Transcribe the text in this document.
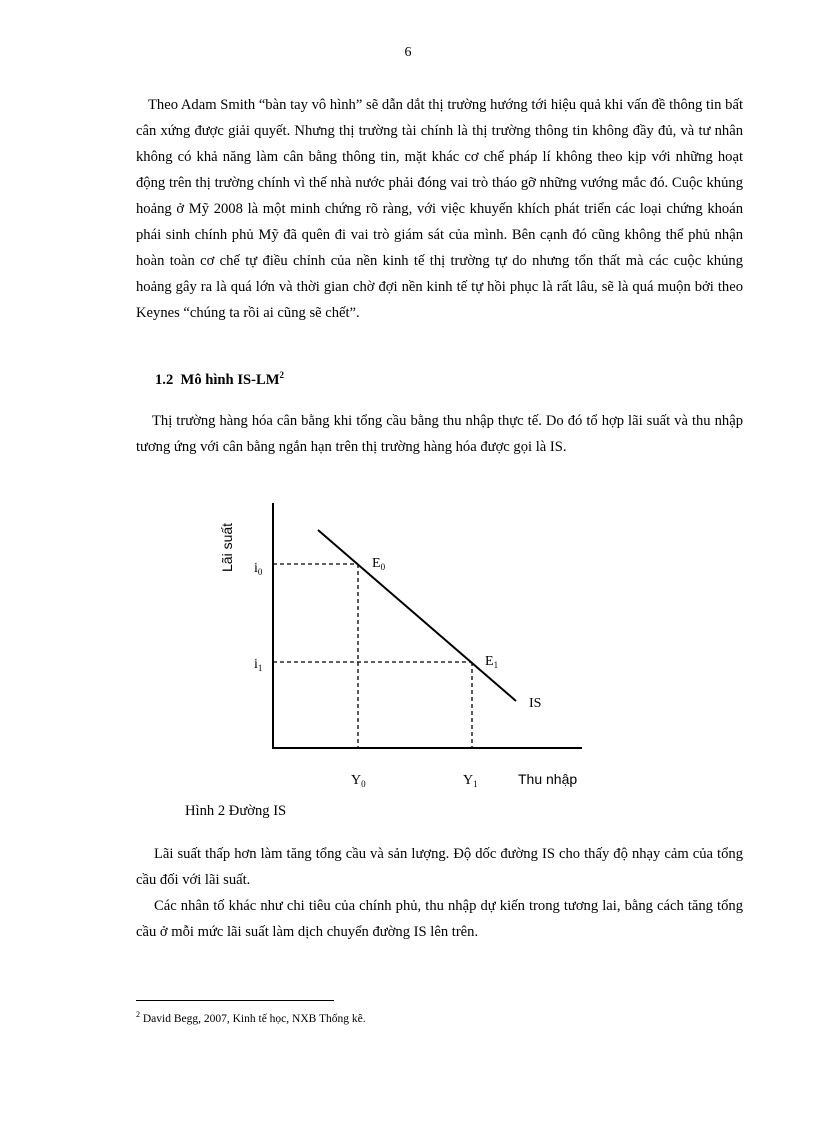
6

Theo Adam Smith “bàn tay vô hình” sẽ dẫn dắt thị trường hướng tới hiệu quả khi vấn đề thông tin bất cân xứng được giải quyết. Nhưng thị trường tài chính là thị trường thông tin không đầy đủ, và tư nhân không có khả năng làm cân bằng thông tin, mặt khác cơ chế pháp lí không theo kịp với những hoạt động trên thị trường chính vì thế nhà nước phải đóng vai trò tháo gỡ những vướng mắc đó. Cuộc khủng hoảng ở Mỹ 2008 là một minh chứng rõ ràng, với việc khuyến khích phát triển các loại chứng khoán phái sinh chính phủ Mỹ đã quên đi vai trò giám sát của mình. Bên cạnh đó cũng không thể phủ nhận hoàn toàn cơ chế tự điều chỉnh của nền kinh tế thị trường tự do nhưng tổn thất mà các cuộc khủng hoảng gây ra là quá lớn và thời gian chờ đợi nền kinh tế tự hồi phục là rất lâu, sẽ là quá muộn bởi theo Keynes “chúng ta rồi ai cũng sẽ chết”.

1.2 Mô hình $IS-LM^2$

Thị trường hàng hóa cân bằng khi tổng cầu bằng thu nhập thực tế. Do đó tổ hợp lãi suất và thu nhập tương ứng với cân bằng ngắn hạn trên thị trường hàng hóa được gọi là IS.

Lãi suất $i_0$
$i_1$
$E_0$
$E_1$
IS
$Y_0$	$Y_1$	Thu nhập

Hình 2 Đường IS

Lãi suất thấp hơn làm tăng tổng cầu và sản lượng. Độ dốc đường IS cho thấy độ nhạy cảm của tổng cầu đối với lãi suất.
Các nhân tố khác như chi tiêu của chính phủ, thu nhập dự kiến trong tương lai, bằng cách tăng tổng cầu ở mỗi mức lãi suất làm dịch chuyển đường IS lên trên.

$^2$ David Begg, 2007, Kinh tế học, NXB Thống kê.
